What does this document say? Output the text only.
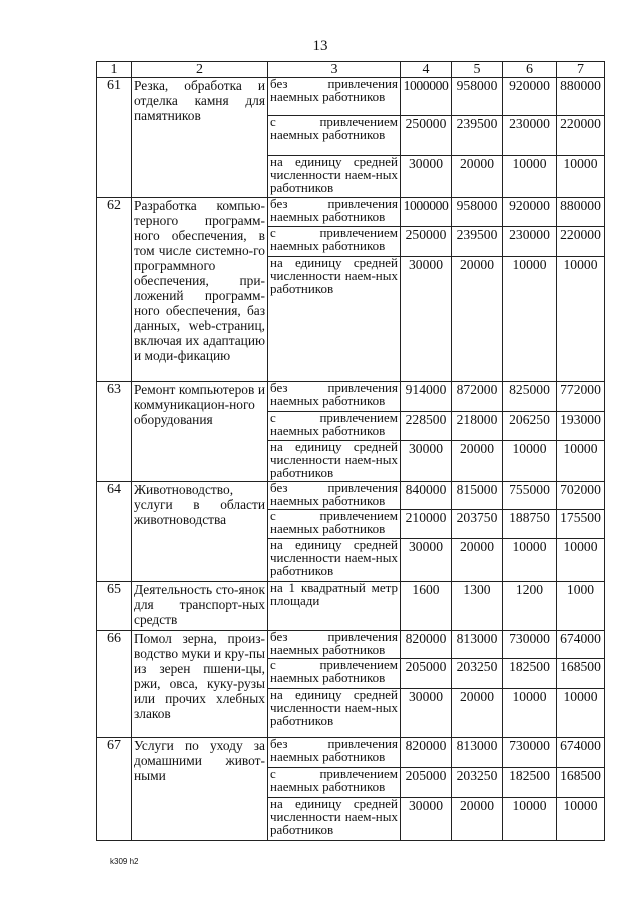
13
1	2	3	4	5	6	7
61	Резка, обработка и отделка камня для памятников	без привлечения наемных работников	1000000	958000	920000	880000
		с привлечением наемных работников	250000	239500	230000	220000
		на единицу средней численности наем-ных работников	30000	20000	10000	10000
62	Разработка компью-терного программ-ного обеспечения, в том числе системно-го программного обеспечения, при-ложений программ-ного обеспечения, баз данных, web-страниц, включая их адаптацию и моди-фикацию	без привлечения наемных работников	1000000	958000	920000	880000
		с привлечением наемных работников	250000	239500	230000	220000
		на единицу средней численности наем-ных работников	30000	20000	10000	10000
63	Ремонт компьютеров и коммуникацион-ного оборудования	без привлечения наемных работников	914000	872000	825000	772000
		с привлечением наемных работников	228500	218000	206250	193000
		на единицу средней численности наем-ных работников	30000	20000	10000	10000
64	Животноводство, услуги в области животноводства	без привлечения наемных работников	840000	815000	755000	702000
		с привлечением наемных работников	210000	203750	188750	175500
		на единицу средней численности наем-ных работников	30000	20000	10000	10000
65	Деятельность сто-янок для транспорт-ных средств	на 1 квадратный метр площади	1600	1300	1200	1000
66	Помол зерна, произ-водство муки и кру-пы из зерен пшени-цы, ржи, овса, куку-рузы или прочих хлебных злаков	без привлечения наемных работников	820000	813000	730000	674000
		с привлечением наемных работников	205000	203250	182500	168500
		на единицу средней численности наем-ных работников	30000	20000	10000	10000
67	Услуги по уходу за домашними живот-ными	без привлечения наемных работников	820000	813000	730000	674000
		с привлечением наемных работников	205000	203250	182500	168500
		на единицу средней численности наем-ных работников	30000	20000	10000	10000
k309 h2
